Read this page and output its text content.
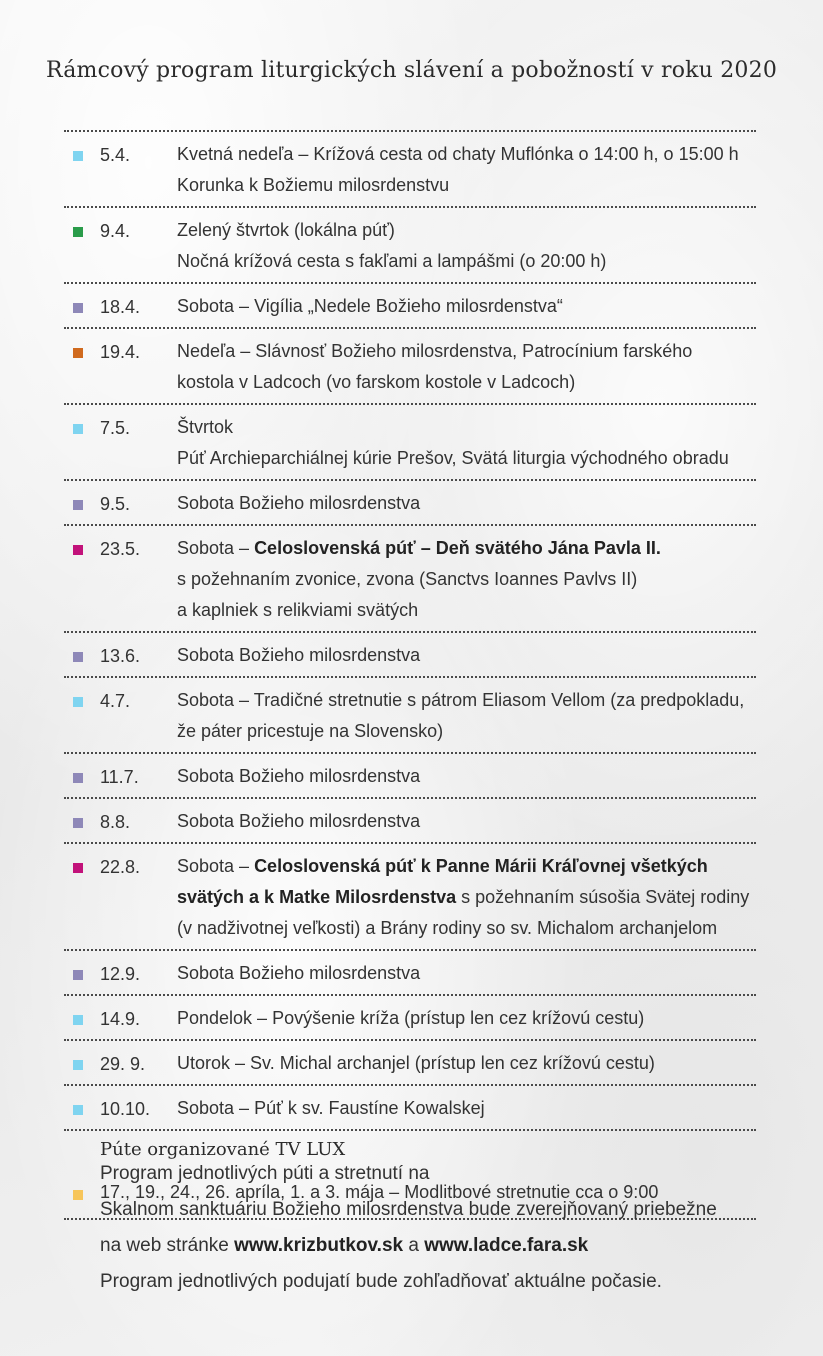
Rámcový program liturgických slávení a pobožností v roku 2020
5.4.	Kvetná nedeľa – Krížová cesta od chaty Muflónka o 14:00 h, o 15:00 h
Korunka k Božiemu milosrdenstvu
9.4.	Zelený štvrtok (lokálna púť)
Nočná krížová cesta s fakľami a lampášmi (o 20:00 h)
18.4. Sobota – Vigília „Nedele Božieho milosrdenstva“
19.4. Nedeľa – Slávnosť Božieho milosrdenstva, Patrocínium farského
kostola v Ladcoch (vo farskom kostole v Ladcoch)
7.5.	Štvrtok
Púť Archieparchiálnej kúrie Prešov, Svätá liturgia východného obradu
9.5.	Sobota Božieho milosrdenstva
23.5. Sobota – Celoslovenská púť – Deň svätého Jána Pavla II.
s požehnaním zvonice, zvona (Sanctvs Ioannes Pavlvs II)
a kaplniek s relikviami svätých
13.6. Sobota Božieho milosrdenstva
4.7.	Sobota – Tradičné stretnutie s pátrom Eliasom Vellom (za predpokladu,
že páter pricestuje na Slovensko)
11.7. Sobota Božieho milosrdenstva
8.8.	Sobota Božieho milosrdenstva
22.8. Sobota – Celoslovenská púť k Panne Márii Kráľovnej všetkých
svätých a k Matke Milosrdenstva s požehnaním súsošia Svätej rodiny
(v nadživotnej veľkosti) a Brány rodiny so sv. Michalom archanjelom
12.9. Sobota Božieho milosrdenstva
14.9. Pondelok – Povýšenie kríža (prístup len cez krížovú cestu)
29. 9. Utorok – Sv. Michal archanjel (prístup len cez krížovú cestu)
10.10. Sobota – Púť k sv. Faustíne Kowalskej
Púte organizované TV LUX
17., 19., 24., 26. apríla, 1. a 3. mája – Modlitbové stretnutie cca o 9:00

Program jednotlivých púti a stretnutí na

Skalnom sanktuáriu Božieho milosrdenstva bude zverejňovaný priebežne

na web stránke www.krizbutkov.sk a www.ladce.fara.sk

Program jednotlivých podujatí bude zohľadňovať aktuálne počasie.
